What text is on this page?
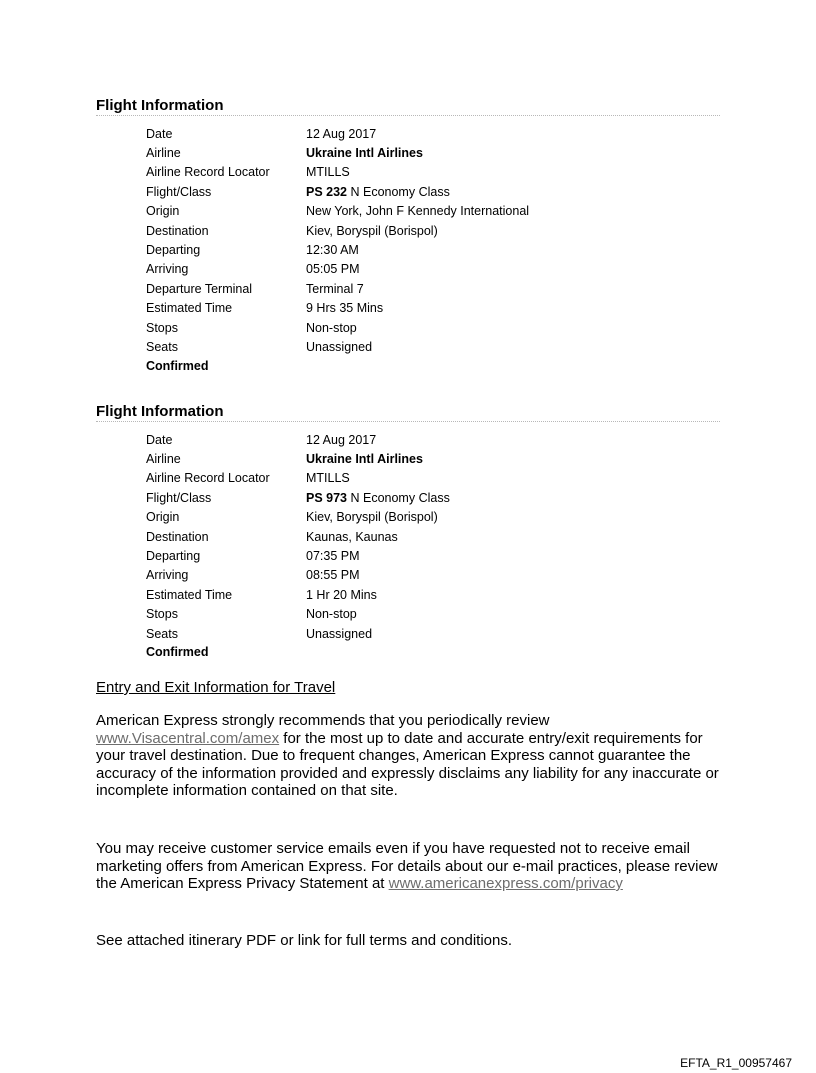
Flight Information
Date	12 Aug 2017
Airline	Ukraine Intl Airlines
Airline Record Locator	MTILLS
Flight/Class	PS 232 N Economy Class
Origin	New York, John F Kennedy International
Destination	Kiev, Boryspil (Borispol)
Departing	12:30 AM
Arriving	05:05 PM
Departure Terminal	Terminal 7
Estimated Time	9 Hrs 35 Mins
Stops	Non-stop
Seats	Unassigned
Confirmed
Flight Information
Date	12 Aug 2017
Airline	Ukraine Intl Airlines
Airline Record Locator	MTILLS
Flight/Class	PS 973 N Economy Class
Origin	Kiev, Boryspil (Borispol)
Destination	Kaunas, Kaunas
Departing	07:35 PM
Arriving	08:55 PM
Estimated Time	1 Hr 20 Mins
Stops	Non-stop
Seats	Unassigned
Confirmed
Entry and Exit Information for Travel
American Express strongly recommends that you periodically review www.Visacentral.com/amex for the most up to date and accurate entry/exit requirements for your travel destination. Due to frequent changes, American Express cannot guarantee the accuracy of the information provided and expressly disclaims any liability for any inaccurate or incomplete information contained on that site.
You may receive customer service emails even if you have requested not to receive email marketing offers from American Express. For details about our e-mail practices, please review the American Express Privacy Statement at www.americanexpress.com/privacy
See attached itinerary PDF or link for full terms and conditions.
EFTA_R1_00957467
